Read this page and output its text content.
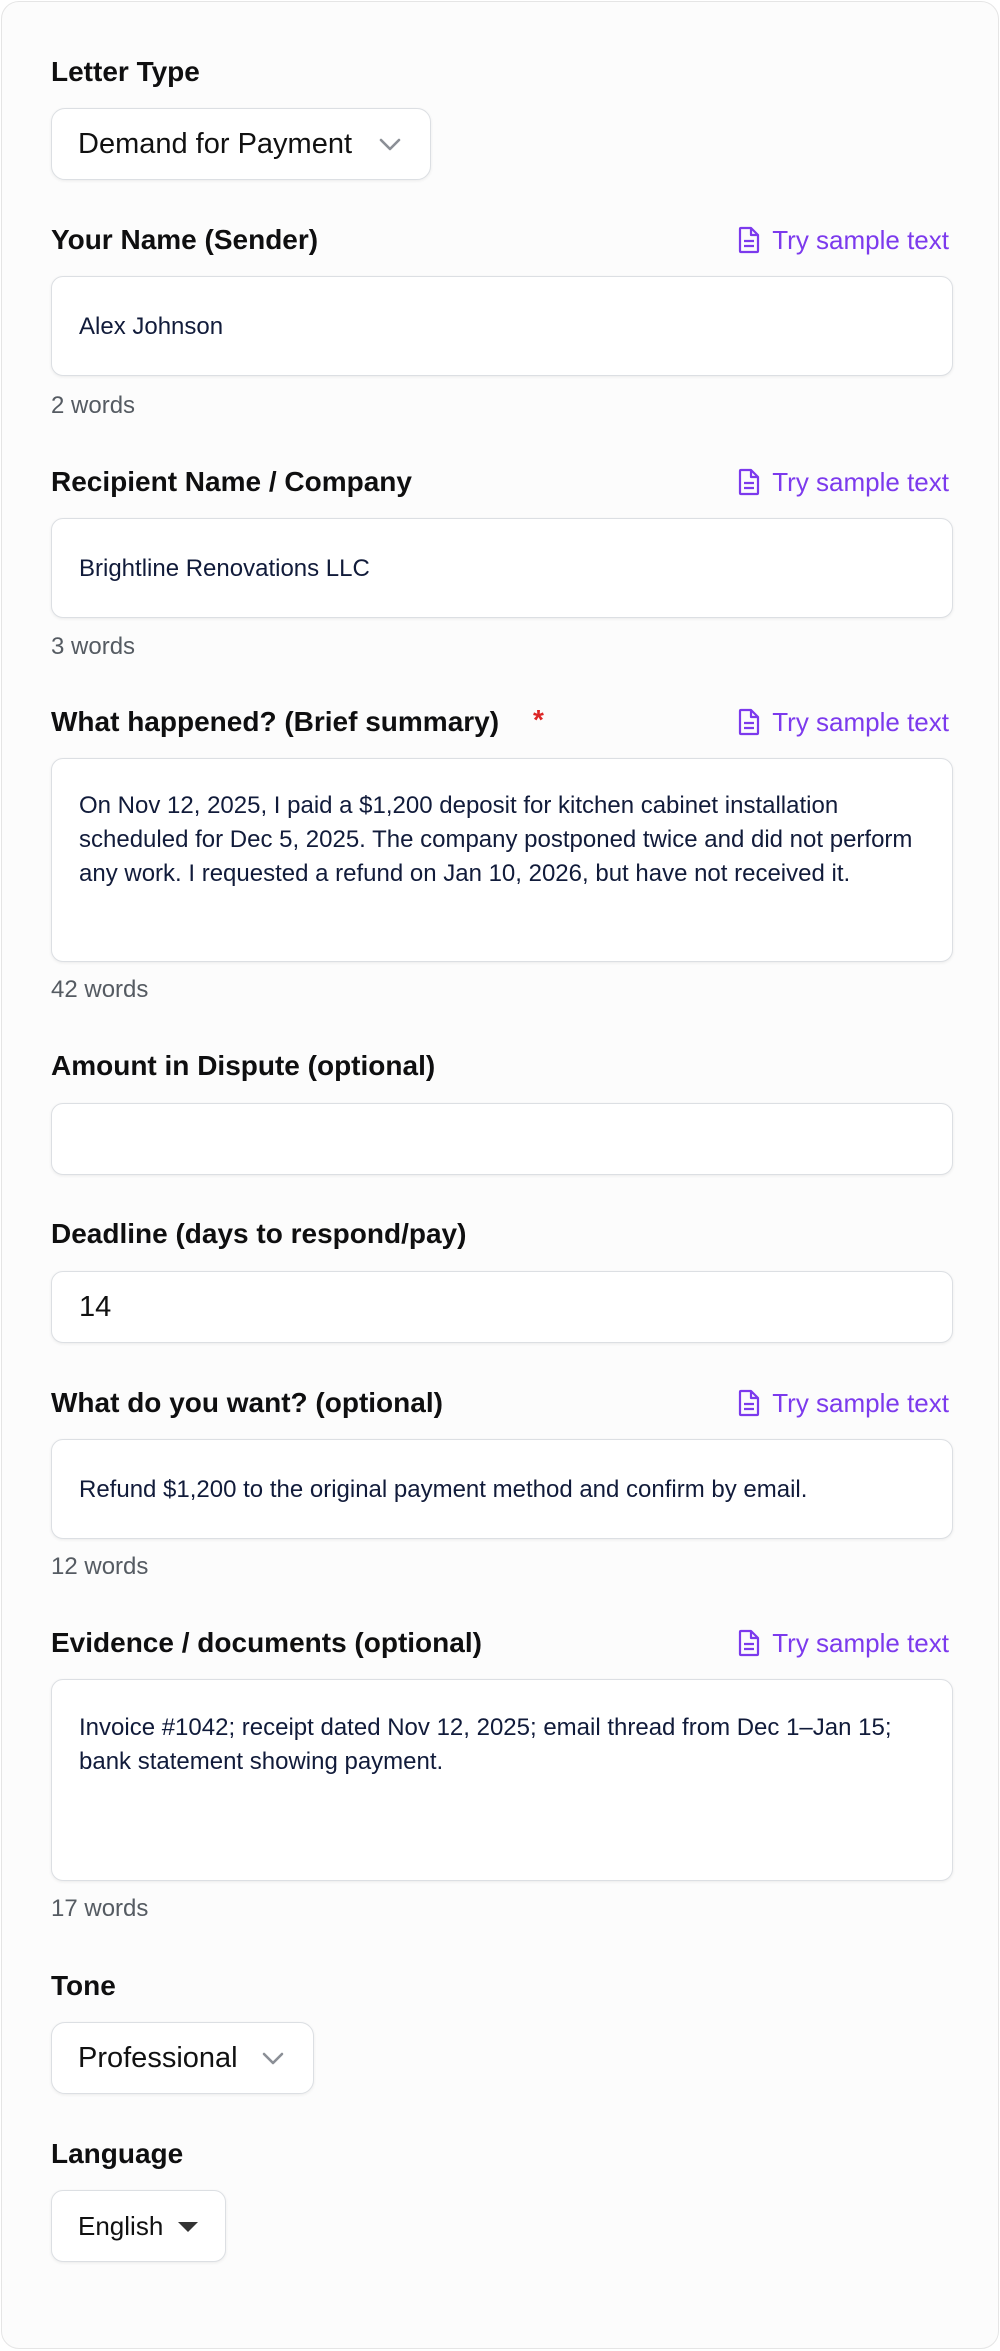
Letter Type
Demand for Payment
Your Name (Sender)	Try sample text
Alex Johnson
2 words
Recipient Name / Company	Try sample text
Brightline Renovations LLC
3 words
What happened? (Brief summary) *	Try sample text
On Nov 12, 2025, I paid a $1,200 deposit for kitchen cabinet installation scheduled for Dec 5, 2025. The company postponed twice and did not perform any work. I requested a refund on Jan 10, 2026, but have not received it.
42 words
Amount in Dispute (optional)
Deadline (days to respond/pay)
14
What do you want? (optional)	Try sample text
Refund $1,200 to the original payment method and confirm by email.
12 words
Evidence / documents (optional)	Try sample text
Invoice #1042; receipt dated Nov 12, 2025; email thread from Dec 1–Jan 15; bank statement showing payment.
17 words
Tone
Professional
Language
English
